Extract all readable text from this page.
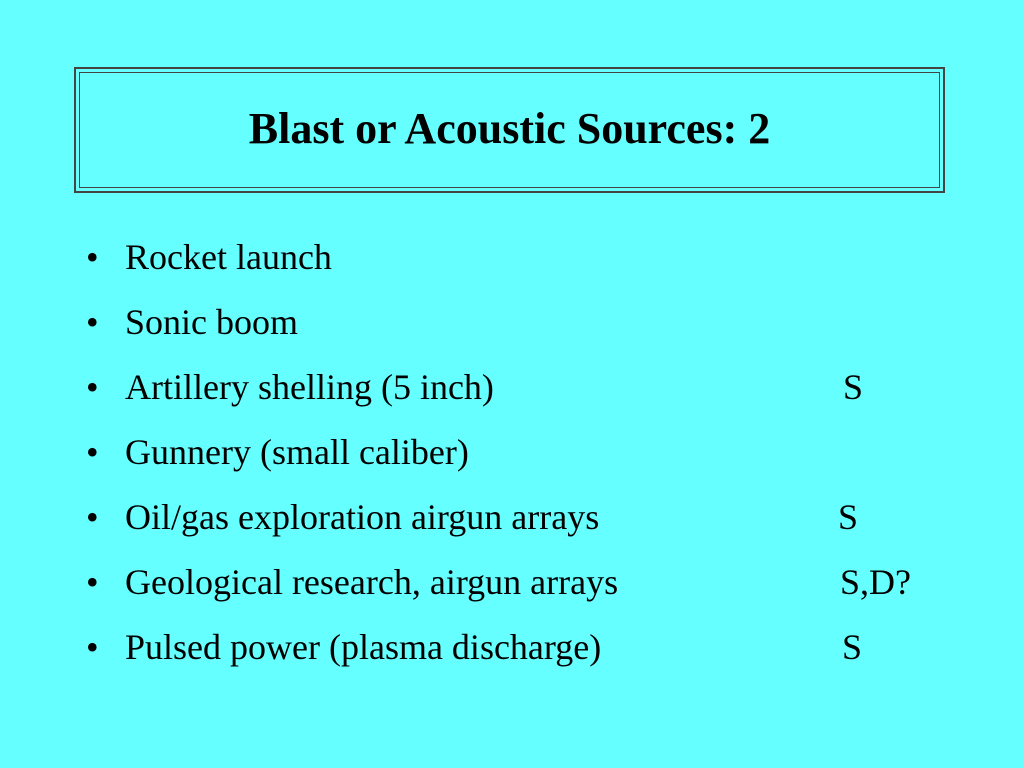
Blast or Acoustic Sources: 2
• Rocket launch
• Sonic boom
• Artillery shelling (5 inch)	S
• Gunnery (small caliber)
• Oil/gas exploration airgun arrays	S
• Geological research, airgun arrays	S,D?
• Pulsed power (plasma discharge)	S
